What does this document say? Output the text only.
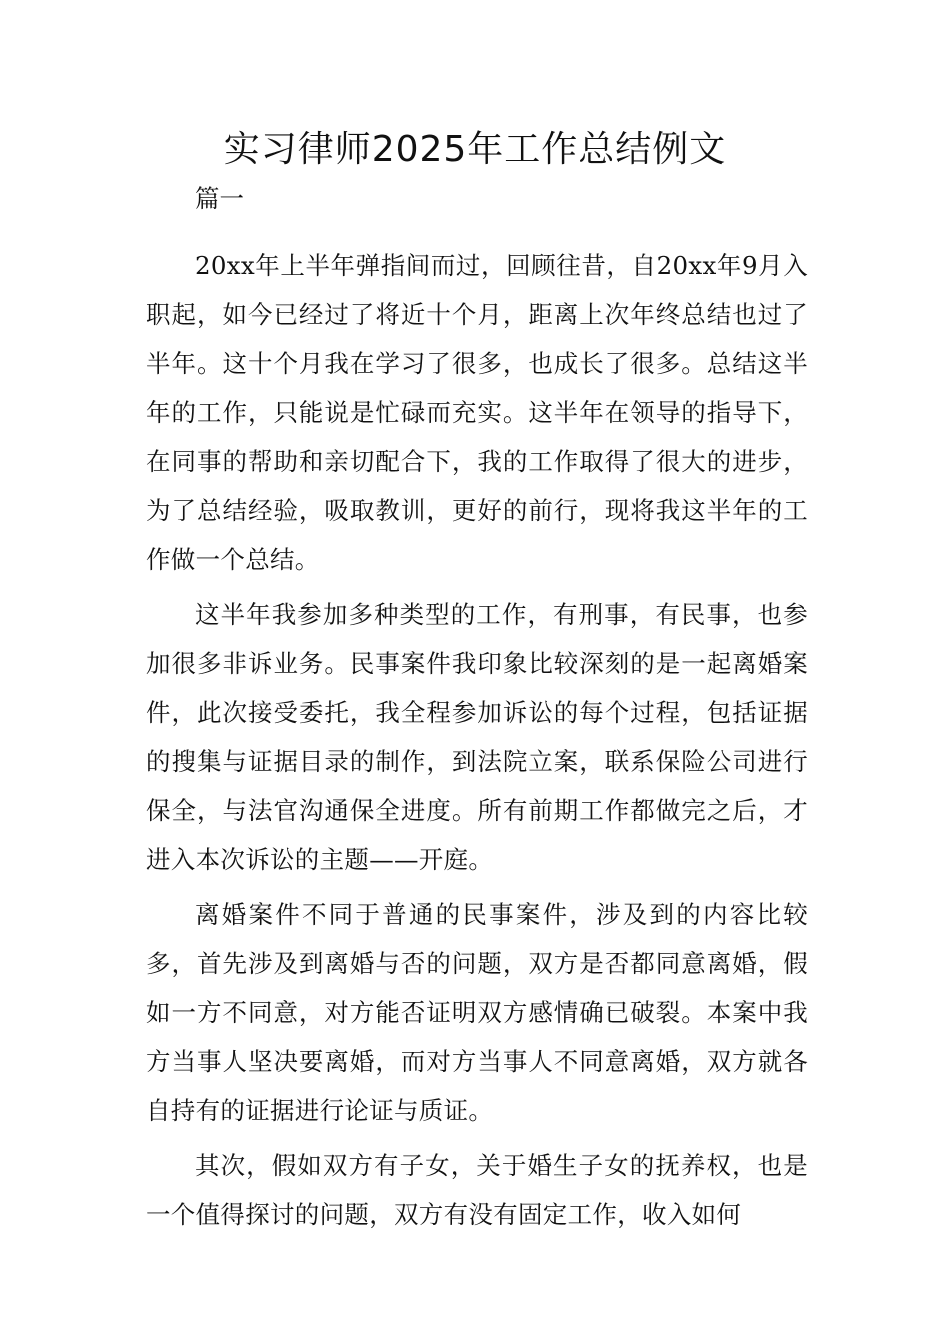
实习律师2025年工作总结例文

篇一

20xx年上半年弹指间而过，回顾往昔，自20xx年9月入职起，如今已经过了将近十个月，距离上次年终总结也过了半年。这十个月我在学习了很多，也成长了很多。总结这半年的工作，只能说是忙碌而充实。这半年在领导的指导下，在同事的帮助和亲切配合下，我的工作取得了很大的进步，为了总结经验，吸取教训，更好的前行，现将我这半年的工作做一个总结。

这半年我参加多种类型的工作，有刑事，有民事，也参加很多非诉业务。民事案件我印象比较深刻的是一起离婚案件，此次接受委托，我全程参加诉讼的每个过程，包括证据的搜集与证据目录的制作，到法院立案，联系保险公司进行保全，与法官沟通保全进度。所有前期工作都做完之后，才进入本次诉讼的主题——开庭。

离婚案件不同于普通的民事案件，涉及到的内容比较多，首先涉及到离婚与否的问题，双方是否都同意离婚，假如一方不同意，对方能否证明双方感情确已破裂。本案中我方当事人坚决要离婚，而对方当事人不同意离婚，双方就各自持有的证据进行论证与质证。

其次，假如双方有子女，关于婚生子女的抚养权，也是一个值得探讨的问题，双方有没有固定工作，收入如何
